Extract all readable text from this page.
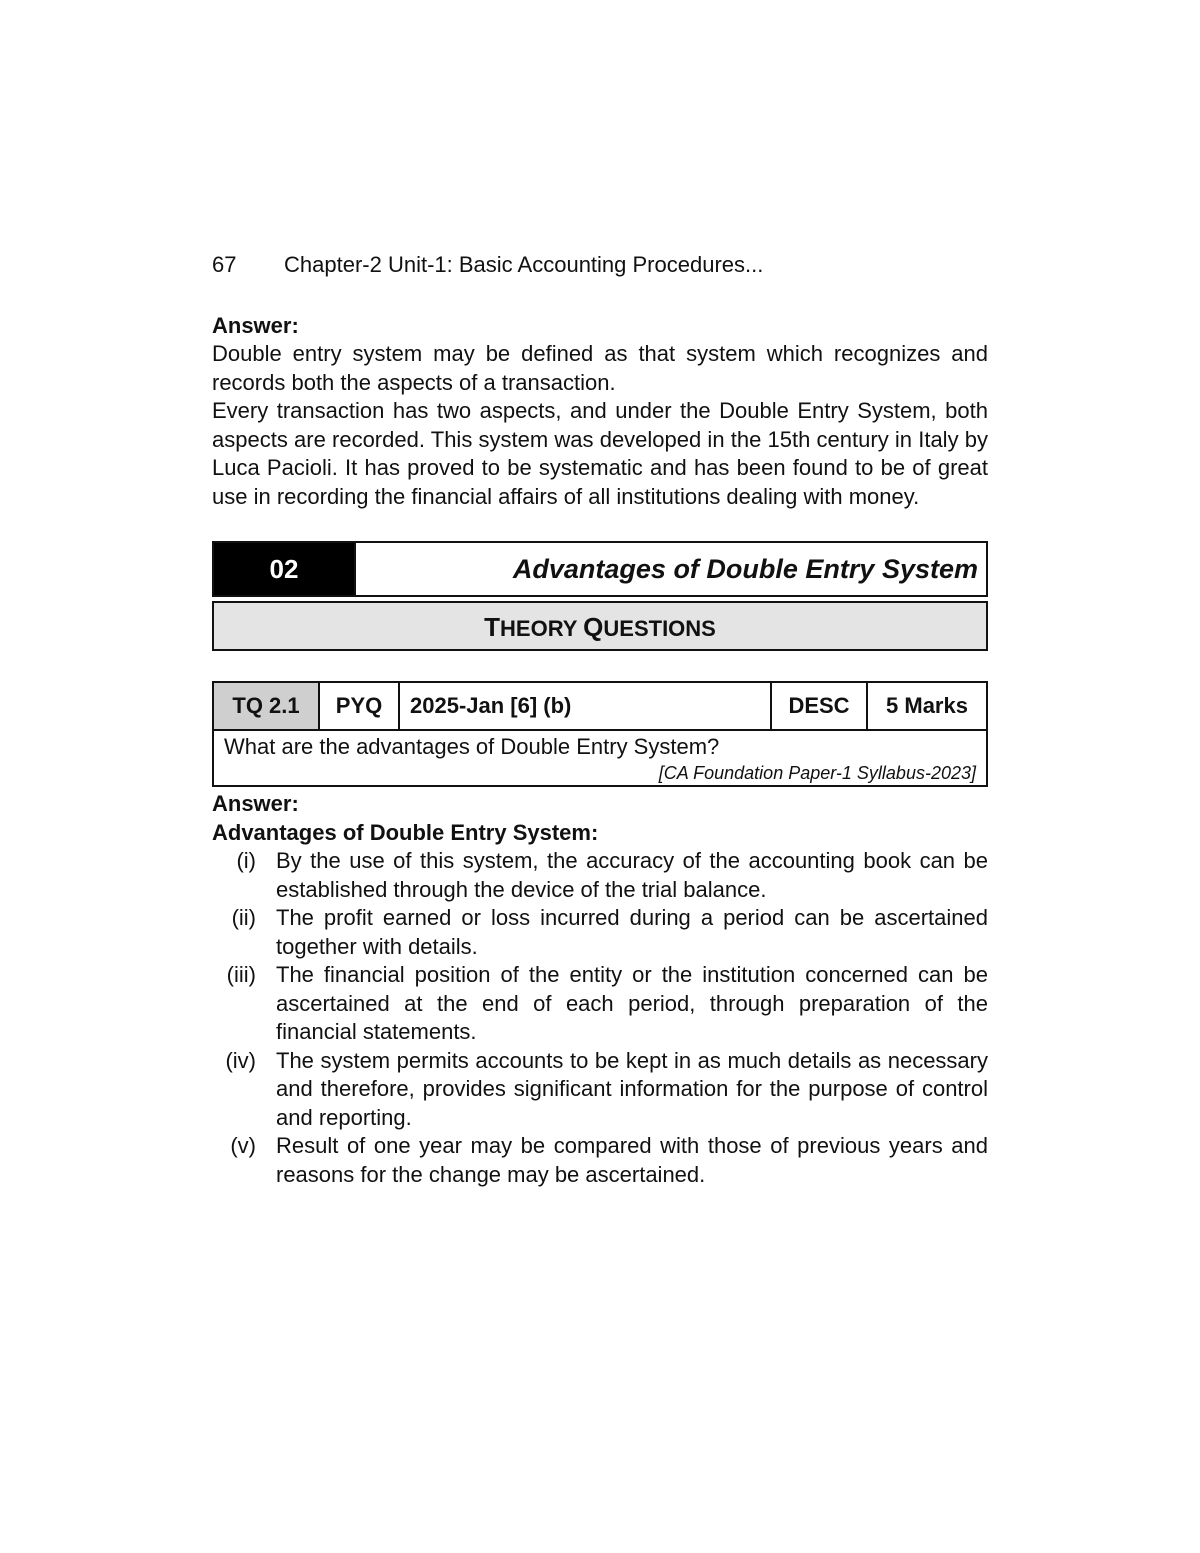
67 Chapter-2 Unit-1: Basic Accounting Procedures...
Answer:
Double entry system may be defined as that system which recognizes and records both the aspects of a transaction.
Every transaction has two aspects, and under the Double Entry System, both aspects are recorded. This system was developed in the 15th century in Italy by Luca Pacioli. It has proved to be systematic and has been found to be of great use in recording the financial affairs of all institutions dealing with money.
02	Advantages of Double Entry System
THEORY QUESTIONS
TQ 2.1	PYQ	2025-Jan [6] (b)	DESC	5 Marks

What are the advantages of Double Entry System?
[CA Foundation Paper-1 Syllabus-2023]
Answer:
Advantages of Double Entry System:
(i) By the use of this system, the accuracy of the accounting book can be established through the device of the trial balance.
(ii) The profit earned or loss incurred during a period can be ascertained together with details.
(iii) The financial position of the entity or the institution concerned can be ascertained at the end of each period, through preparation of the financial statements.
(iv) The system permits accounts to be kept in as much details as necessary and therefore, provides significant information for the purpose of control and reporting.
(v) Result of one year may be compared with those of previous years and reasons for the change may be ascertained.
